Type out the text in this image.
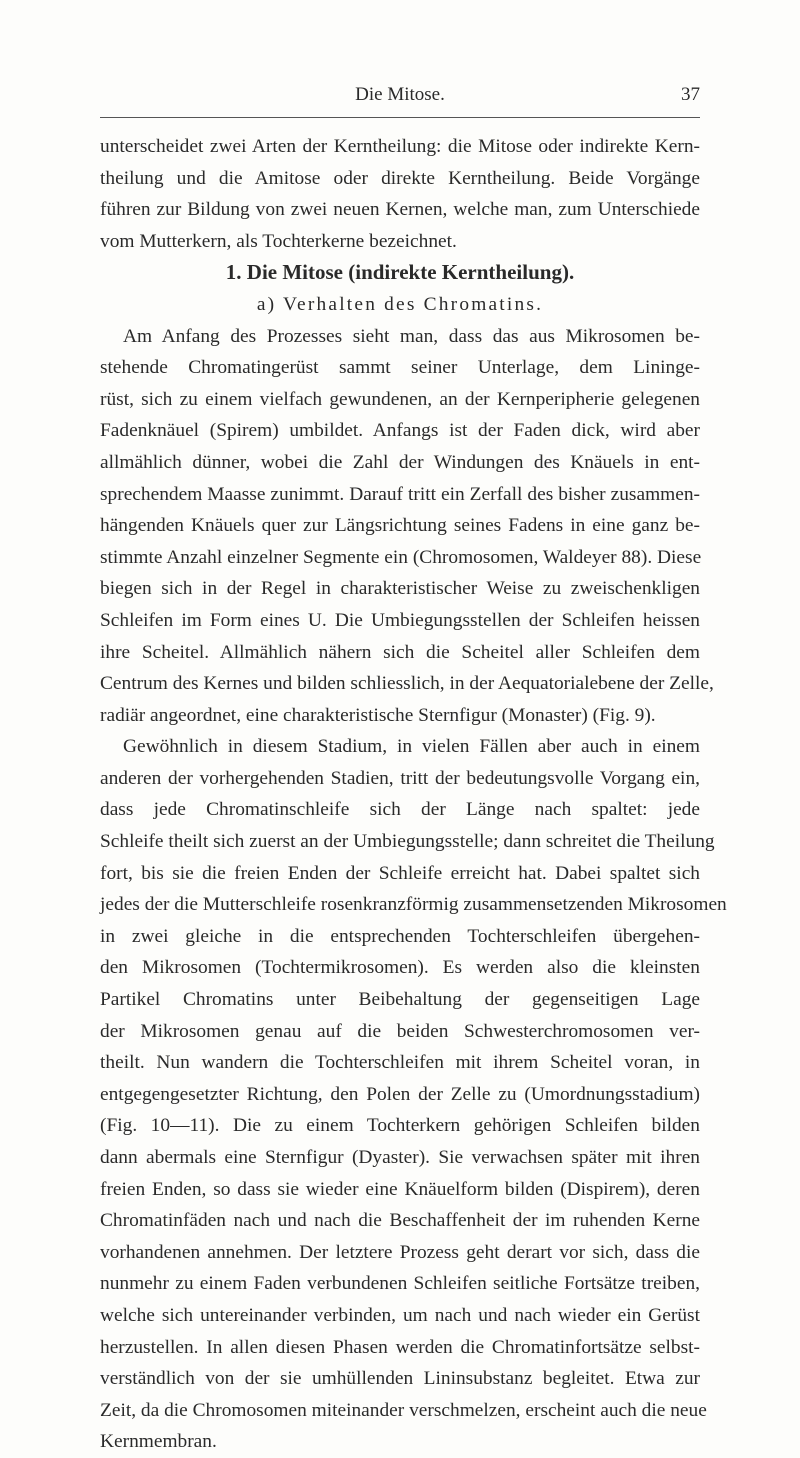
Die Mitose.	37
unterscheidet zwei Arten der Kerntheilung: die Mitose oder indirekte Kern-
theilung und die Amitose oder direkte Kerntheilung. Beide Vorgänge
führen zur Bildung von zwei neuen Kernen, welche man, zum Unterschiede
vom Mutterkern, als Tochterkerne bezeichnet.
1. Die Mitose (indirekte Kerntheilung).
a) Verhalten des Chromatins.
Am Anfang des Prozesses sieht man, dass das aus Mikrosomen be-
stehende Chromatingerüst sammt seiner Unterlage, dem Lininge-
rüst, sich zu einem vielfach gewundenen, an der Kernperipherie gelegenen
Fadenknäuel (Spirem) umbildet. Anfangs ist der Faden dick, wird aber
allmählich dünner, wobei die Zahl der Windungen des Knäuels in ent-
sprechendem Maasse zunimmt. Darauf tritt ein Zerfall des bisher zusammen-
hängenden Knäuels quer zur Längsrichtung seines Fadens in eine ganz be-
stimmte Anzahl einzelner Segmente ein (Chromosomen, Waldeyer 88). Diese
biegen sich in der Regel in charakteristischer Weise zu zweischenkligen
Schleifen im Form eines U. Die Umbiegungsstellen der Schleifen heissen
ihre Scheitel. Allmählich nähern sich die Scheitel aller Schleifen dem
Centrum des Kernes und bilden schliesslich, in der Aequatorialebene der Zelle,
radiär angeordnet, eine charakteristische Sternfigur (Monaster) (Fig. 9).
Gewöhnlich in diesem Stadium, in vielen Fällen aber auch in einem
anderen der vorhergehenden Stadien, tritt der bedeutungsvolle Vorgang ein,
dass jede Chromatinschleife sich der Länge nach spaltet: jede
Schleife theilt sich zuerst an der Umbiegungsstelle; dann schreitet die Theilung
fort, bis sie die freien Enden der Schleife erreicht hat. Dabei spaltet sich
jedes der die Mutterschleife rosenkranzförmig zusammensetzenden Mikrosomen
in zwei gleiche in die entsprechenden Tochterschleifen übergehen-
den Mikrosomen (Tochtermikrosomen). Es werden also die kleinsten
Partikel Chromatins unter Beibehaltung der gegenseitigen Lage
der Mikrosomen genau auf die beiden Schwesterchromosomen ver-
theilt. Nun wandern die Tochterschleifen mit ihrem Scheitel voran, in
entgegengesetzter Richtung, den Polen der Zelle zu (Umordnungsstadium)
(Fig. 10—11). Die zu einem Tochterkern gehörigen Schleifen bilden
dann abermals eine Sternfigur (Dyaster). Sie verwachsen später mit ihren
freien Enden, so dass sie wieder eine Knäuelform bilden (Dispirem), deren
Chromatinfäden nach und nach die Beschaffenheit der im ruhenden Kerne
vorhandenen annehmen. Der letztere Prozess geht derart vor sich, dass die
nunmehr zu einem Faden verbundenen Schleifen seitliche Fortsätze treiben,
welche sich untereinander verbinden, um nach und nach wieder ein Gerüst
herzustellen. In allen diesen Phasen werden die Chromatinfortsätze selbst-
verständlich von der sie umhüllenden Lininsubstanz begleitet. Etwa zur
Zeit, da die Chromosomen miteinander verschmelzen, erscheint auch die neue
Kernmembran.
